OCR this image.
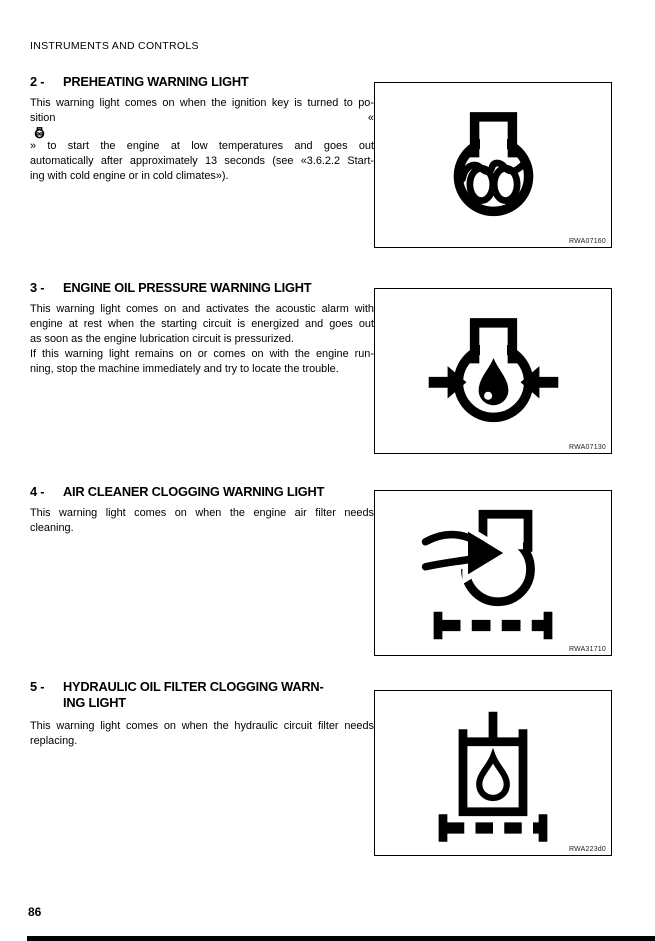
INSTRUMENTS AND CONTROLS
2 -	PREHEATING WARNING LIGHT
This warning light comes on when the ignition key is turned to po-
sition «
» to start the engine at low temperatures and goes out
automatically after approximately 13 seconds (see «3.6.2.2 Start-
ing with cold engine or in cold climates»).
RWA07160
3 -	ENGINE OIL PRESSURE WARNING LIGHT
This warning light comes on and activates the acoustic alarm with
engine at rest when the starting circuit is energized and goes out
as soon as the engine lubrication circuit is pressurized.
If this warning light remains on or comes on with the engine run-
ning, stop the machine immediately and try to locate the trouble.
RWA07130
4 -	AIR CLEANER CLOGGING WARNING LIGHT
This warning light comes on when the engine air filter needs
cleaning.
RWA31710
5 -	HYDRAULIC OIL FILTER CLOGGING WARN-
ING LIGHT
This warning light comes on when the hydraulic circuit filter needs
replacing.
RWA223d0
86
